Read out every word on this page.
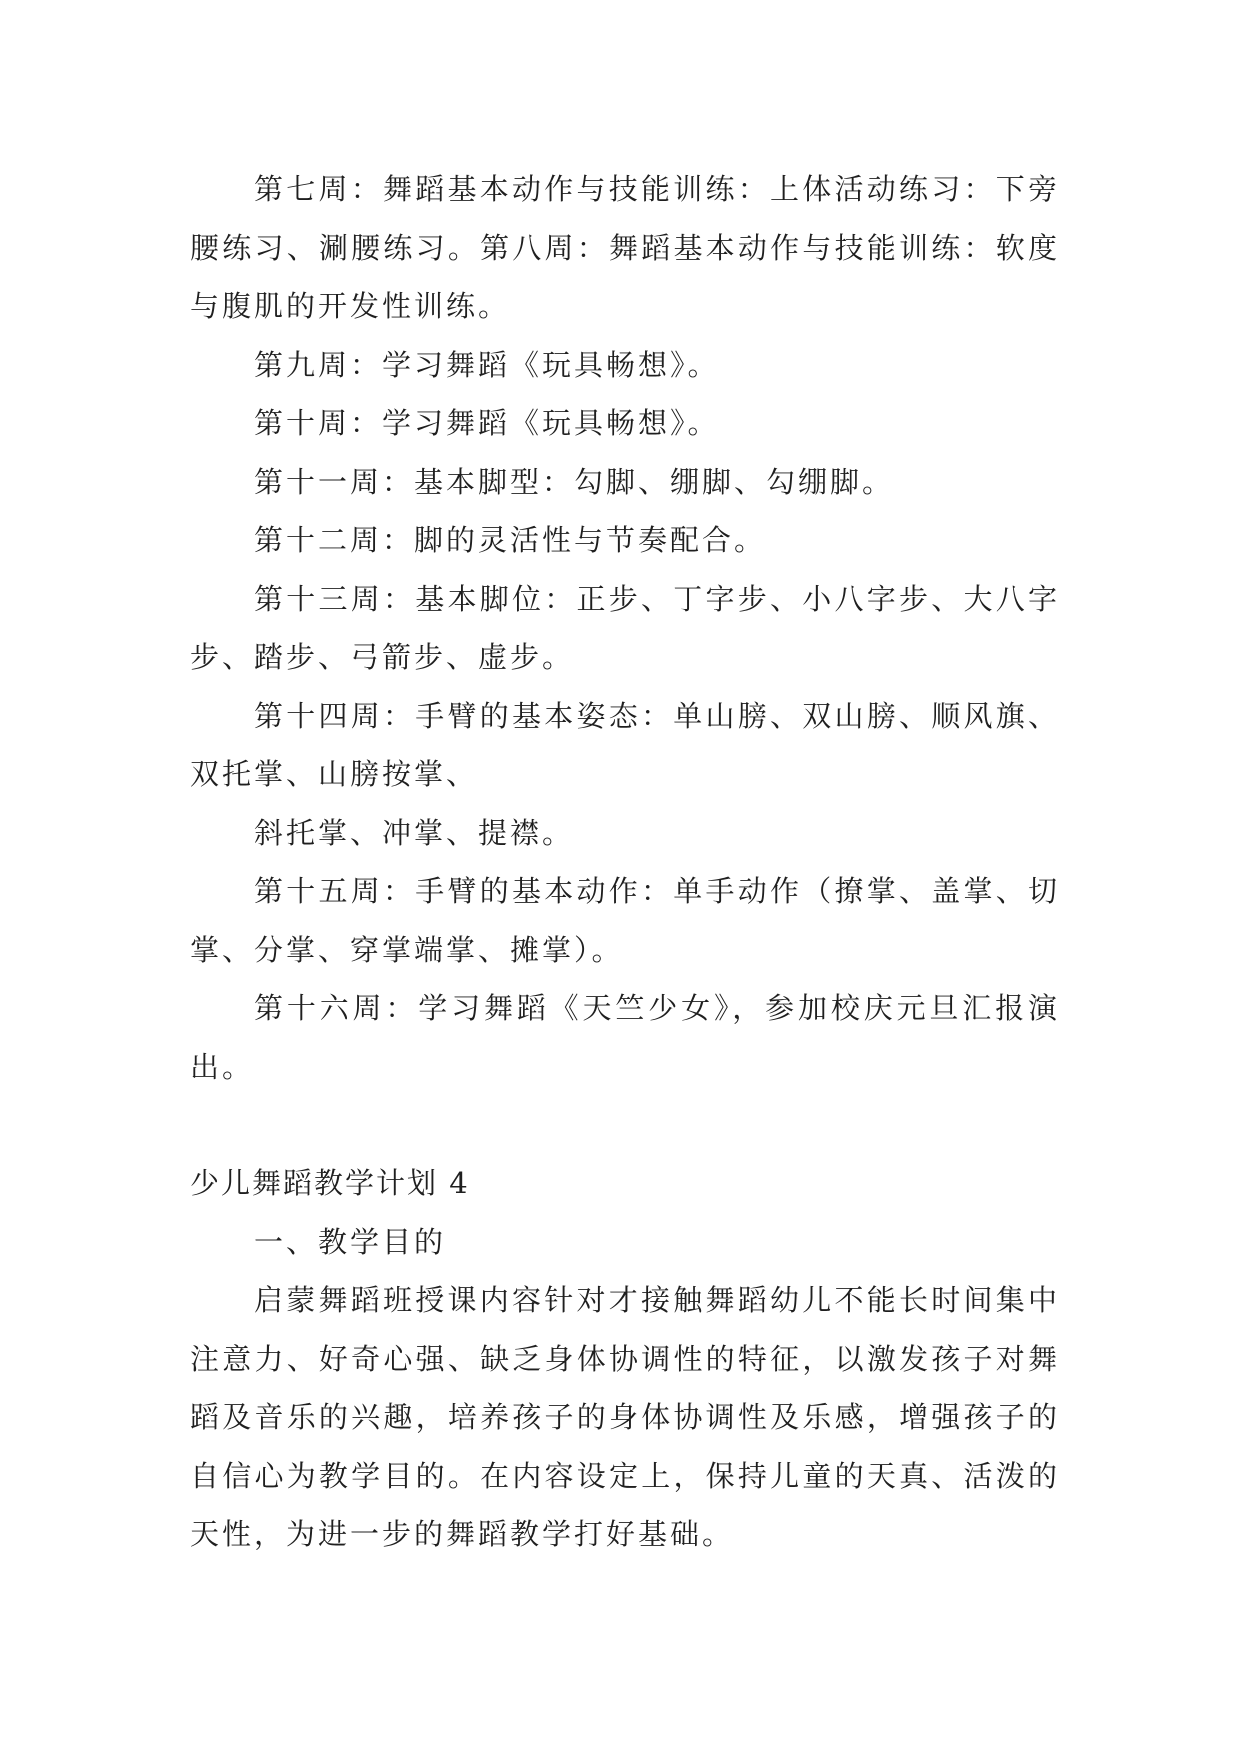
第七周：舞蹈基本动作与技能训练：上体活动练习：下旁腰练习、涮腰练习。第八周：舞蹈基本动作与技能训练：软度与腹肌的开发性训练。

第九周：学习舞蹈《玩具畅想》。

第十周：学习舞蹈《玩具畅想》。

第十一周：基本脚型：勾脚、绷脚、勾绷脚。

第十二周：脚的灵活性与节奏配合。

第十三周：基本脚位：正步、丁字步、小八字步、大八字步、踏步、弓箭步、虚步。

第十四周：手臂的基本姿态：单山膀、双山膀、顺风旗、双托掌、山膀按掌、

斜托掌、冲掌、提襟。

第十五周：手臂的基本动作：单手动作（撩掌、盖掌、切掌、分掌、穿掌端掌、摊掌）。

第十六周：学习舞蹈《天竺少女》，参加校庆元旦汇报演出。

少儿舞蹈教学计划 4

一、教学目的

启蒙舞蹈班授课内容针对才接触舞蹈幼儿不能长时间集中注意力、好奇心强、缺乏身体协调性的特征，以激发孩子对舞蹈及音乐的兴趣，培养孩子的身体协调性及乐感，增强孩子的自信心为教学目的。在内容设定上，保持儿童的天真、活泼的天性，为进一步的舞蹈教学打好基础。
